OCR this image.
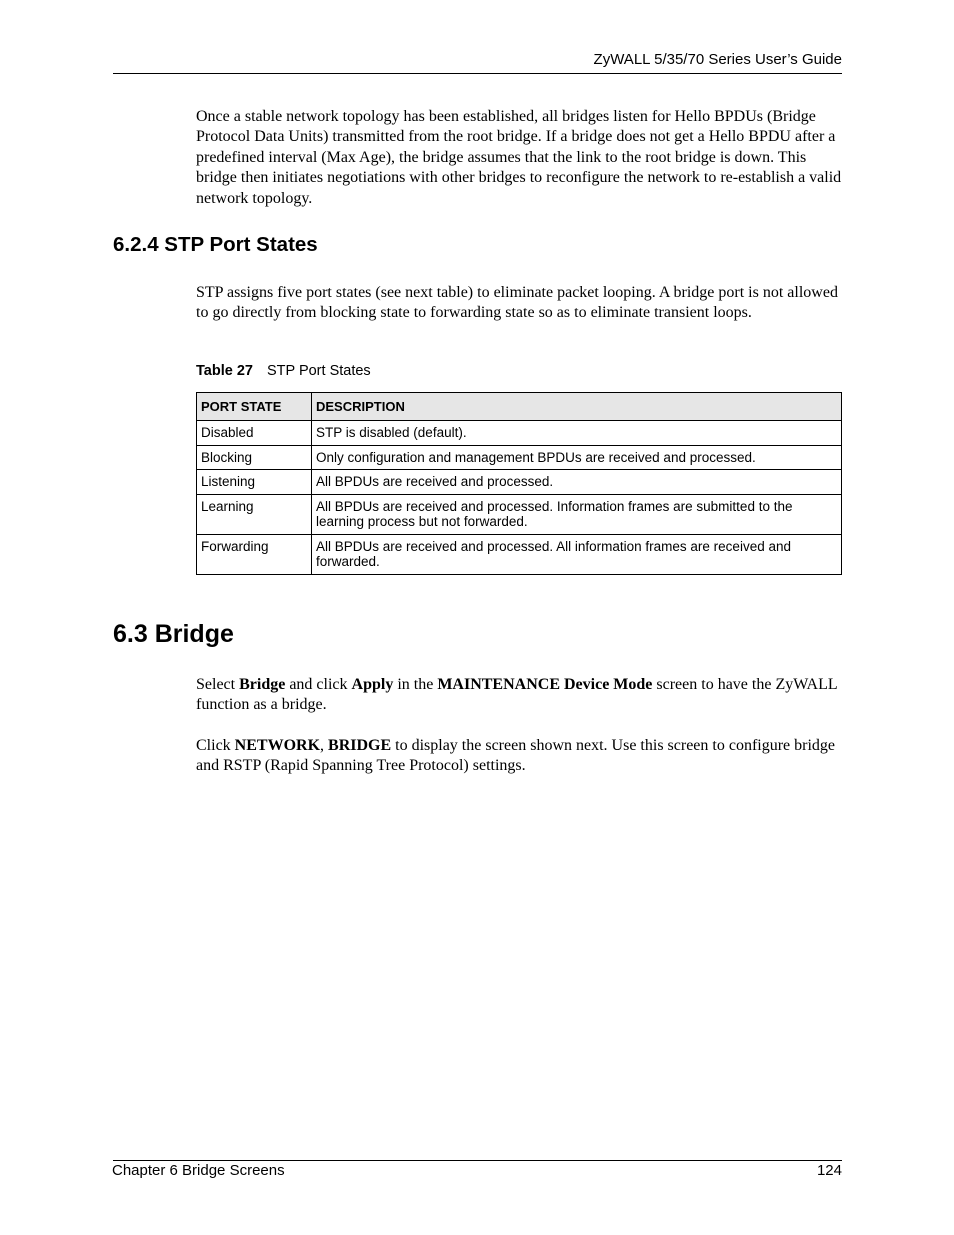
ZyWALL 5/35/70 Series User’s Guide

Once a stable network topology has been established, all bridges listen for Hello BPDUs (Bridge Protocol Data Units) transmitted from the root bridge. If a bridge does not get a Hello BPDU after a predefined interval (Max Age), the bridge assumes that the link to the root bridge is down. This bridge then initiates negotiations with other bridges to reconfigure the network to re-establish a valid network topology.

6.2.4 STP Port States

STP assigns five port states (see next table) to eliminate packet looping. A bridge port is not allowed to go directly from blocking state to forwarding state so as to eliminate transient loops.

Table 27 STP Port States
PORT STATE	DESCRIPTION
Disabled	STP is disabled (default).
Blocking	Only configuration and management BPDUs are received and processed.
Listening	All BPDUs are received and processed.
Learning	All BPDUs are received and processed. Information frames are submitted to the learning process but not forwarded.
Forwarding	All BPDUs are received and processed. All information frames are received and forwarded.
6.3 Bridge

Select Bridge and click Apply in the MAINTENANCE Device Mode screen to have the ZyWALL function as a bridge.

Click NETWORK, BRIDGE to display the screen shown next. Use this screen to configure bridge and RSTP (Rapid Spanning Tree Protocol) settings.

Chapter 6 Bridge Screens	124
